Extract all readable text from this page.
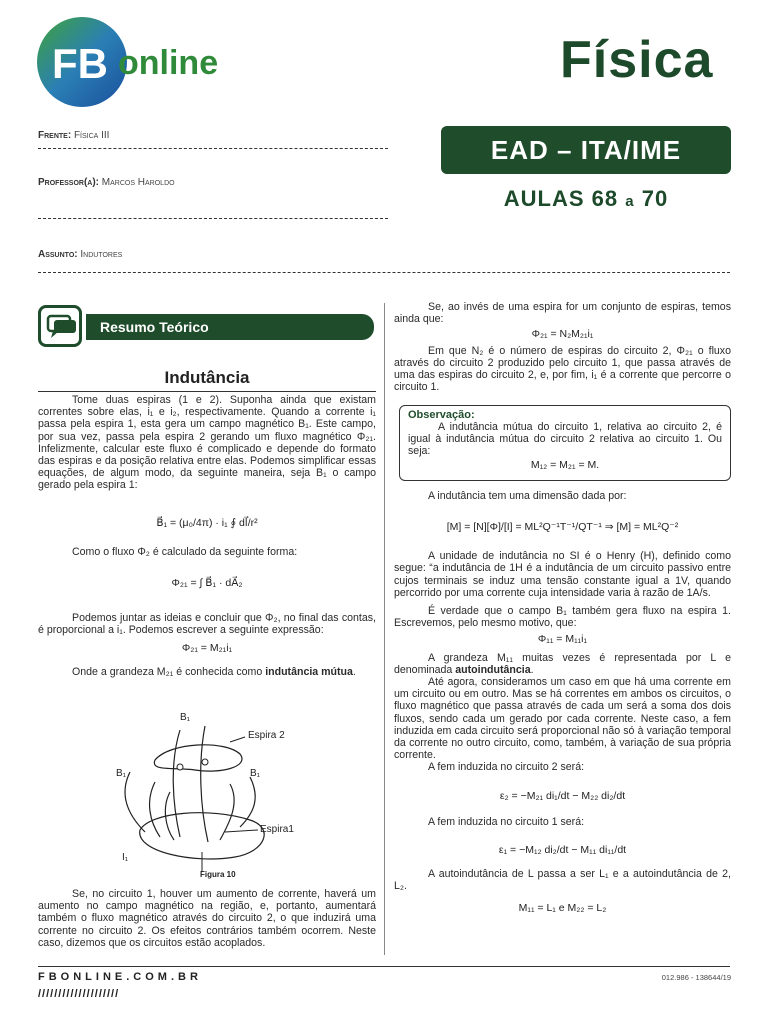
FB online	Física
Frente: Física III
Professor(a): Marcos Haroldo
Assunto: Indutores
EAD – ITA/IME
AULAS 68 a 70
Resumo Teórico
Indutância

Tome duas espiras (1 e 2). Suponha ainda que existam correntes sobre elas, i₁ e i₂, respectivamente. Quando a corrente i₁ passa pela espira 1, esta gera um campo magnético B₁. Este campo, por sua vez, passa pela espira 2 gerando um fluxo magnético Φ₂₁. Infelizmente, calcular este fluxo é complicado e depende do formato das espiras e da posição relativa entre elas. Podemos simplificar essas equações, de algum modo, da seguinte maneira, seja B₁ o campo gerado pela espira 1:

B⃗₁ = (μ₀/4π) · i₁ ∮ dl⃗/r²

Como o fluxo Φ₂ é calculado da seguinte forma:

Φ₂₁ = ∫ B⃗₁ · dA⃗₂

Podemos juntar as ideias e concluir que Φ₂, no final das contas, é proporcional a i₁. Podemos escrever a seguinte expressão:

Φ₂₁ = M₂₁i₁

Onde a grandeza M₂₁ é conhecida como indutância mútua.

B₁
Espira 2
B₁	B₁
Espira1
I₁
Figura 10

Se, no circuito 1, houver um aumento de corrente, haverá um aumento no campo magnético na região, e, portanto, aumentará também o fluxo magnético através do circuito 2, o que induzirá uma corrente no circuito 2. Os efeitos contrários também ocorrem. Neste caso, dizemos que os circuitos estão acoplados.

Se, ao invés de uma espira for um conjunto de espiras, temos ainda que:

Φ₂₁ = N₂M₂₁i₁

Em que N₂ é o número de espiras do circuito 2, Φ₂₁ o fluxo através do circuito 2 produzido pelo circuito 1, que passa através de uma das espiras do circuito 2, e, por fim, i₁ é a corrente que percorre o circuito 1.

Observação:
A indutância mútua do circuito 1, relativa ao circuito 2, é igual à indutância mútua do circuito 2 relativa ao circuito 1. Ou seja:
M₁₂ = M₂₁ = M.

A indutância tem uma dimensão dada por:

[M] = [N][Φ]/[I] = ML²Q⁻¹T⁻¹/QT⁻¹ ⇒ [M] = ML²Q⁻²

A unidade de indutância no SI é o Henry (H), definido como segue: “a indutância de 1H é a indutância de um circuito passivo entre cujos terminais se induz uma tensão constante igual a 1V, quando percorrido por uma corrente cuja intensidade varia à razão de 1A/s.

É verdade que o campo B₁ também gera fluxo na espira 1. Escrevemos, pelo mesmo motivo, que:

Φ₁₁ = M₁₁i₁

A grandeza M₁₁ muitas vezes é representada por L e denominada autoindutância.

Até agora, consideramos um caso em que há uma corrente em um circuito ou em outro. Mas se há correntes em ambos os circuitos, o fluxo magnético que passa através de cada um será a soma dos dois fluxos, sendo cada um gerado por cada corrente. Neste caso, a fem induzida em cada circuito será proporcional não só à variação temporal da corrente no outro circuito, como, também, à variação de sua própria corrente.

A fem induzida no circuito 2 será:

ε₂ = −M₂₁ di₁/dt − M₂₂ di₂/dt

A fem induzida no circuito 1 será:

ε₁ = −M₁₂ di₂/dt − M₁₁ di₁₁/dt

A autoindutância de L passa a ser L₁ e a autoindutância de 2, L₂.

M₁₁ = L₁ e M₂₂ = L₂
FBONLINE.COM.BR
////////////////////
012.986 - 138644/19
